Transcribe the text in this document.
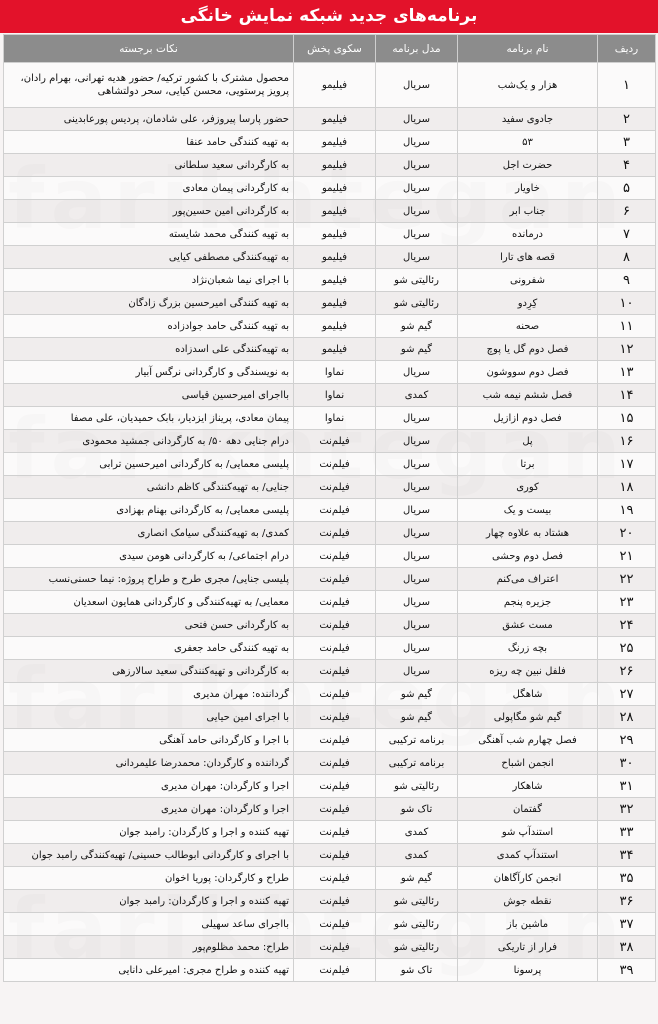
برنامه‌های جدید شبکه نمایش خانگی
ردیف	نام برنامه	مدل برنامه	سکوی پخش	نکات برجسته
۱	هزار و یک‌شب	سریال	فیلیمو	محصول مشترک با کشور ترکیه/ حضور هدیه تهرانی، بهرام رادان، پرویز پرستویی، محسن کیایی، سحر دولتشاهی
۲	جادوی سفید	سریال	فیلیمو	حضور پارسا پیروزفر، علی شادمان، پردیس پورعابدینی
۳	۵۳	سریال	فیلیمو	به تهیه کنندگی حامد عنقا
۴	حضرت اجل	سریال	فیلیمو	به کارگردانی سعید سلطانی
۵	خاویار	سریال	فیلیمو	به کارگردانی پیمان معادی
۶	جناب ابر	سریال	فیلیمو	به کارگردانی امین حسین‌پور
۷	درمانده	سریال	فیلیمو	به تهیه کنندگی محمد شایسته
۸	قصه های تارا	سریال	فیلیمو	به تهیه‌کنندگی مصطفی کیایی
۹	شفرونی	رئالیتی شو	فیلیمو	با اجرای نیما شعبان‌نژاد
۱۰	کِرِدو	رئالیتی شو	فیلیمو	به تهیه کنندگی امیرحسین بزرگ زادگان
۱۱	صحنه	گیم شو	فیلیمو	به تهیه کنندگی حامد جوادزاده
۱۲	فصل دوم گل یا پوچ	گیم شو	فیلیمو	به تهیه‌کنندگی علی اسدزاده
۱۳	فصل دوم سووشون	سریال	نماوا	به نویسندگی و کارگردانی نرگس آبیار
۱۴	فصل ششم نیمه شب	کمدی	نماوا	بااجرای امیرحسین قیاسی
۱۵	فصل دوم ازازیل	سریال	نماوا	پیمان معادی، پریناز ایزدیار، بابک حمیدیان، علی مصفا
۱۶	پل	سریال	فیلم‌نت	درام جنایی دهه ۵۰/ به کارگردانی جمشید محمودی
۱۷	برتا	سریال	فیلم‌نت	پلیسی معمایی/ به کارگردانی امیرحسین ترابی
۱۸	کوری	سریال	فیلم‌نت	جنایی/ به تهیه‌کنندگی کاظم دانشی
۱۹	بیست و یک	سریال	فیلم‌نت	پلیسی معمایی/ به کارگردانی بهنام بهزادی
۲۰	هشتاد به علاوه چهار	سریال	فیلم‌نت	کمدی/ به تهیه‌کنندگی سیامک انصاری
۲۱	فصل دوم وحشی	سریال	فیلم‌نت	درام اجتماعی/ به کارگردانی هومن سیدی
۲۲	اعتراف می‌کنم	سریال	فیلم‌نت	پلیسی جنایی/ مجری طرح و طراح پروژه: نیما حسنی‌نسب
۲۳	جزیره پنجم	سریال	فیلم‌نت	معمایی/ به تهیه‌کنندگی و کارگردانی همایون اسعدیان
۲۴	مست عشق	سریال	فیلم‌نت	به کارگردانی حسن فتحی
۲۵	بچه زرنگ	سریال	فیلم‌نت	به تهیه کنندگی حامد جعفری
۲۶	فلفل نبین چه ریزه	سریال	فیلم‌نت	به کارگردانی و تهیه‌کنندگی سعید سالارزهی
۲۷	شاهگل	گیم شو	فیلم‌نت	گرداننده: مهران مدیری
۲۸	گیم شو مگاپولی	گیم شو	فیلم‌نت	با اجرای امین حیایی
۲۹	فصل چهارم شب آهنگی	برنامه ترکیبی	فیلم‌نت	با اجرا و کارگردانی حامد آهنگی
۳۰	انجمن اشباح	برنامه ترکیبی	فیلم‌نت	گرداننده و کارگردان: محمدرضا علیمردانی
۳۱	شاهکار	رئالیتی شو	فیلم‌نت	اجرا و کارگردان: مهران مدیری
۳۲	گفتمان	تاک شو	فیلم‌نت	اجرا و کارگردان: مهران مدیری
۳۳	استندآپ شو	کمدی	فیلم‌نت	تهیه کننده و اجرا و کارگردان: رامبد جوان
۳۴	استندآپ کمدی	کمدی	فیلم‌نت	با اجرای و کارگردانی ابوطالب حسینی/ تهیه‌کنندگی رامبد جوان
۳۵	انجمن کارآگاهان	گیم شو	فیلم‌نت	طراح و کارگردان: پوریا اخوان
۳۶	نقطه جوش	رئالیتی شو	فیلم‌نت	تهیه کننده و اجرا و کارگردان: رامبد جوان
۳۷	ماشین باز	رئالیتی شو	فیلم‌نت	بااجرای ساعد سهیلی
۳۸	فرار از تاریکی	رئالیتی شو	فیلم‌نت	طراح: محمد مظلوم‌پور
۳۹	پرسونا	تاک شو	فیلم‌نت	تهیه کننده و طراح مجری: امیرعلی دانایی
